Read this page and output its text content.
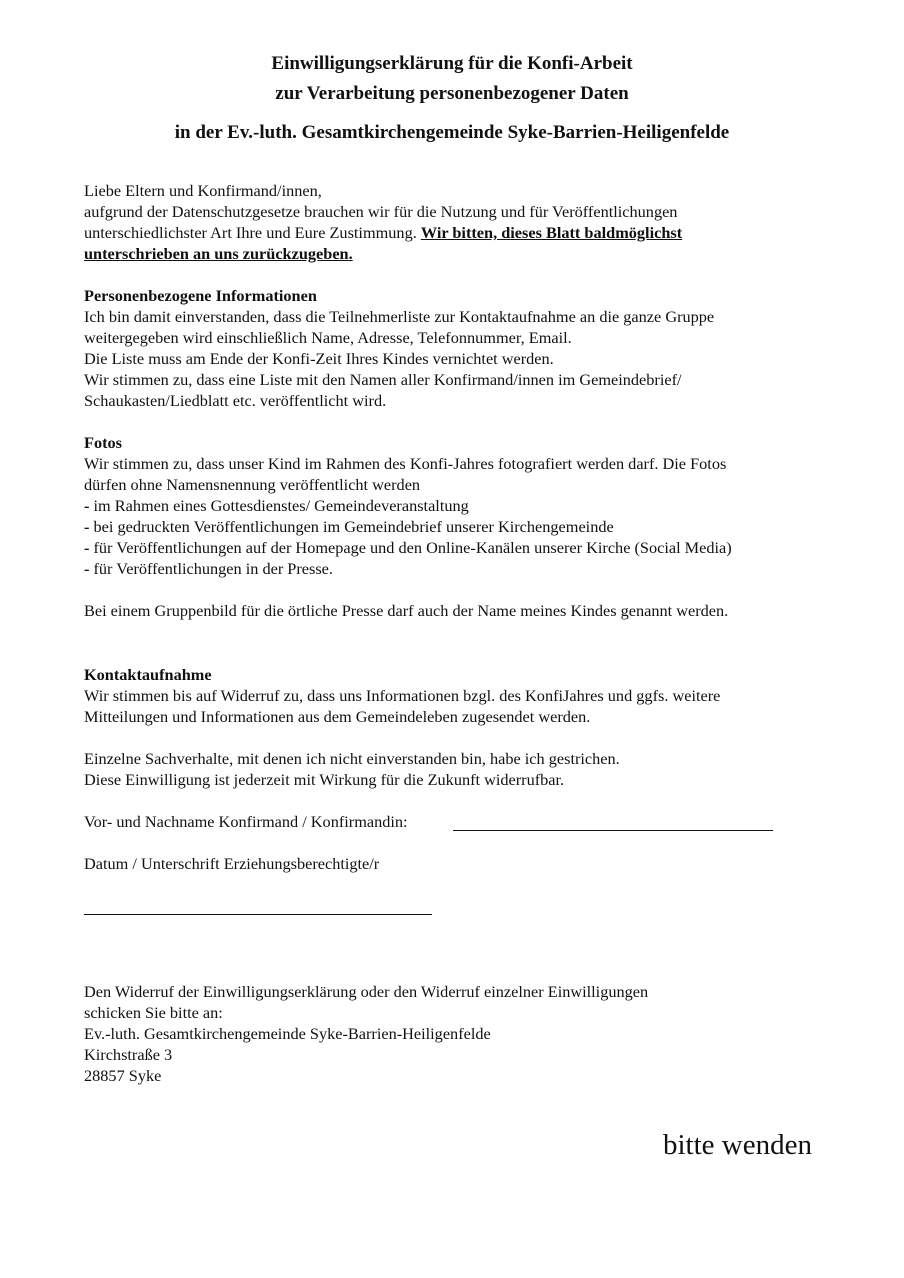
Einwilligungserklärung für die Konfi-Arbeit
zur Verarbeitung personenbezogener Daten
in der Ev.-luth. Gesamtkirchengemeinde Syke-Barrien-Heiligenfelde
Liebe Eltern und Konfirmand/innen,
aufgrund der Datenschutzgesetze brauchen wir für die Nutzung und für Veröffentlichungen
unterschiedlichster Art Ihre und Eure Zustimmung. Wir bitten, dieses Blatt baldmöglichst
unterschrieben an uns zurückzugeben.
Personenbezogene Informationen
Ich bin damit einverstanden, dass die Teilnehmerliste zur Kontaktaufnahme an die ganze Gruppe
weitergegeben wird einschließlich Name, Adresse, Telefonnummer, Email.
Die Liste muss am Ende der Konfi-Zeit Ihres Kindes vernichtet werden.
Wir stimmen zu, dass eine Liste mit den Namen aller Konfirmand/innen im Gemeindebrief/
Schaukasten/Liedblatt etc. veröffentlicht wird.
Fotos
Wir stimmen zu, dass unser Kind im Rahmen des Konfi-Jahres fotografiert werden darf. Die Fotos
dürfen ohne Namensnennung veröffentlicht werden
- im Rahmen eines Gottesdienstes/ Gemeindeveranstaltung
- bei gedruckten Veröffentlichungen im Gemeindebrief unserer Kirchengemeinde
- für Veröffentlichungen auf der Homepage und den Online-Kanälen unserer Kirche (Social Media)
- für Veröffentlichungen in der Presse.
Bei einem Gruppenbild für die örtliche Presse darf auch der Name meines Kindes genannt werden.
Kontaktaufnahme
Wir stimmen bis auf Widerruf zu, dass uns Informationen bzgl. des KonfiJahres und ggfs. weitere
Mitteilungen und Informationen aus dem Gemeindeleben zugesendet werden.
Einzelne Sachverhalte, mit denen ich nicht einverstanden bin, habe ich gestrichen.
Diese Einwilligung ist jederzeit mit Wirkung für die Zukunft widerrufbar.
Vor- und Nachname Konfirmand / Konfirmandin:
Datum / Unterschrift Erziehungsberechtigte/r
Den Widerruf der Einwilligungserklärung oder den Widerruf einzelner Einwilligungen
schicken Sie bitte an:
Ev.-luth. Gesamtkirchengemeinde Syke-Barrien-Heiligenfelde
Kirchstraße 3
28857 Syke
bitte wenden
